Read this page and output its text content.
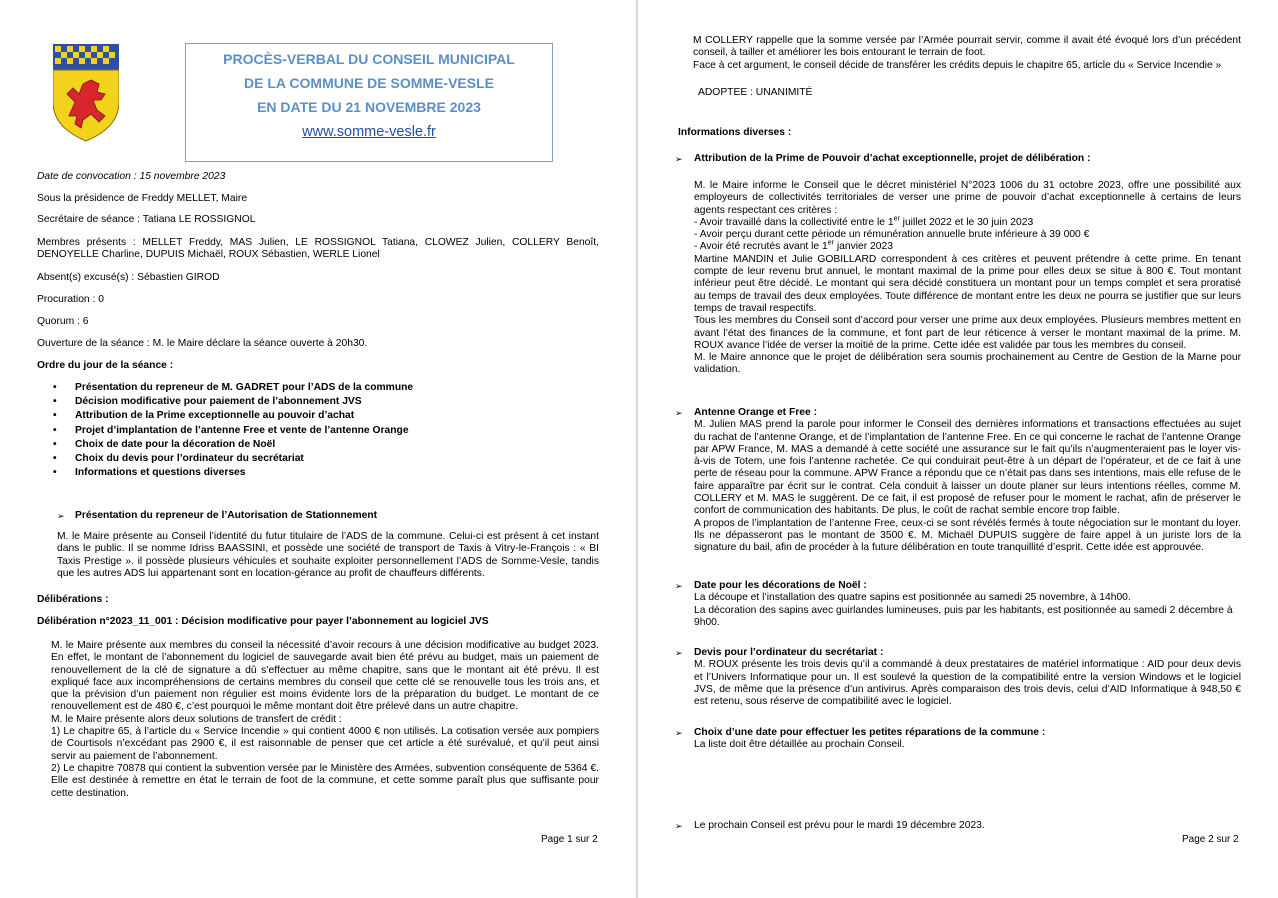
PROCÈS-VERBAL DU CONSEIL MUNICIPAL

DE LA COMMUNE DE SOMME-VESLE

EN DATE DU 21 NOVEMBRE 2023

www.somme-vesle.fr

Date de convocation : 15 novembre 2023

Sous la présidence de Freddy MELLET, Maire

Secrétaire de séance : Tatiana LE ROSSIGNOL

Membres présents : MELLET Freddy, MAS Julien, LE ROSSIGNOL Tatiana, CLOWEZ Julien, COLLERY Benoît, DENOYELLE Charline, DUPUIS Michaël, ROUX Sébastien, WERLE Lionel

Absent(s) excusé(s) : Sébastien GIROD

Procuration : 0

Quorum : 6

Ouverture de la séance : M. le Maire déclare la séance ouverte à 20h30.

Ordre du jour de la séance :

• Présentation du repreneur de M. GADRET pour l’ADS de la commune
• Décision modificative pour paiement de l’abonnement JVS
• Attribution de la Prime exceptionnelle au pouvoir d’achat
• Projet d’implantation de l’antenne Free et vente de l’antenne Orange
• Choix de date pour la décoration de Noël
• Choix du devis pour l’ordinateur du secrétariat
• Informations et questions diverses
➢ Présentation du repreneur de l’Autorisation de Stationnement

M. le Maire présente au Conseil l’identité du futur titulaire de l’ADS de la commune. Celui-ci est présent à cet instant dans le public. Il se nomme Idriss BAASSINI, et possède une société de transport de Taxis à Vitry-le-François : « BI Taxis Prestige ». il possède plusieurs véhicules et souhaite exploiter personnellement l’ADS de Somme-Vesle, tandis que les autres ADS lui appartenant sont en location-gérance au profit de chauffeurs différents.

Délibérations :

Délibération n°2023_11_001 : Décision modificative pour payer l’abonnement au logiciel JVS

M. le Maire présente aux membres du conseil la nécessité d’avoir recours à une décision modificative au budget 2023. En effet, le montant de l’abonnement du logiciel de sauvegarde avait bien été prévu au budget, mais un paiement de renouvellement de la clé de signature a dû s’effectuer au même chapitre, sans que le montant ait été prévu. Il est expliqué face aux incompréhensions de certains membres du conseil que cette clé se renouvelle tous les trois ans, et que la prévision d’un paiement non régulier est moins évidente lors de la préparation du budget. Le montant de ce renouvellement est de 480 €, c’est pourquoi le même montant doit être prélevé dans un autre chapitre.

M. le Maire présente alors deux solutions de transfert de crédit :

1) Le chapitre 65, à l’article du « Service Incendie » qui contient 4000 € non utilisés. La cotisation versée aux pompiers de Courtisols n’excédant pas 2900 €, il est raisonnable de penser que cet article a été surévalué, et qu’il peut ainsi servir au paiement de l’abonnement.

2) Le chapitre 70878 qui contient la subvention versée par le Ministère des Armées, subvention conséquente de 5364 €. Elle est destinée à remettre en état le terrain de foot de la commune, et cette somme paraît plus que suffisante pour cette destination.

Page 1 sur 2

M COLLERY rappelle que la somme versée par l’Armée pourrait servir, comme il avait été évoqué lors d’un précédent conseil, à tailler et améliorer les bois entourant le terrain de foot.

Face à cet argument, le conseil décide de transférer les crédits depuis le chapitre 65, article du « Service Incendie »

ADOPTEE : UNANIMITÉ

Informations diverses :

➢ Attribution de la Prime de Pouvoir d’achat exceptionnelle, projet de délibération :

M. le Maire informe le Conseil que le décret ministériel N°2023 1006 du 31 octobre 2023, offre une possibilité aux employeurs de collectivités territoriales de verser une prime de pouvoir d’achat exceptionnelle à certains de leurs agents respectant ces critères :

- Avoir travaillé dans la collectivité entre le 1er juillet 2022 et le 30 juin 2023

- Avoir perçu durant cette période un rémunération annuelle brute inférieure à 39 000 €

- Avoir été recrutés avant le 1er janvier 2023

Martine MANDIN et Julie GOBILLARD correspondent à ces critères et peuvent prétendre à cette prime. En tenant compte de leur revenu brut annuel, le montant maximal de la prime pour elles deux se situe à 800 €. Tout montant inférieur peut être décidé. Le montant qui sera décidé constituera un montant pour un temps complet et sera proratisé au temps de travail des deux employées. Toute différence de montant entre les deux ne pourra se justifier que sur leurs temps de travail respectifs.

Tous les membres du Conseil sont d’accord pour verser une prime aux deux employées. Plusieurs membres mettent en avant l’état des finances de la commune, et font part de leur réticence à verser le montant maximal de la prime. M. ROUX avance l’idée de verser la moitié de la prime. Cette idée est validée par tous les membres du conseil.

M. le Maire annonce que le projet de délibération sera soumis prochainement au Centre de Gestion de la Marne pour validation.

➢ Antenne Orange et Free :

M. Julien MAS prend la parole pour informer le Conseil des dernières informations et transactions effectuées au sujet du rachat de l’antenne Orange, et de l’implantation de l’antenne Free. En ce qui concerne le rachat de l’antenne Orange par APW France, M. MAS a demandé à cette société une assurance sur le fait qu’ils n’augmenteraient pas le loyer vis-à-vis de Totem, une fois l’antenne rachetée. Ce qui conduirait peut-être à un départ de l’opérateur, et de ce fait à une perte de réseau pour la commune. APW France a répondu que ce n’était pas dans ses intentions, mais elle refuse de le faire apparaître par écrit sur le contrat. Cela conduit à laisser un doute planer sur leurs intentions réelles, comme M. COLLERY et M. MAS le suggèrent. De ce fait, il est proposé de refuser pour le moment le rachat, afin de préserver le confort de communication des habitants. De plus, le coût de rachat semble encore trop faible.

A propos de l’implantation de l’antenne Free, ceux-ci se sont révélés fermés à toute négociation sur le montant du loyer. Ils ne dépasseront pas le montant de 3500 €. M. Michaël DUPUIS suggère de faire appel à un juriste lors de la signature du bail, afin de procéder à la future délibération en toute tranquillité d’esprit. Cette idée est approuvée.

➢ Date pour les décorations de Noël :

La découpe et l’installation des quatre sapins est positionnée au samedi 25 novembre, à 14h00.

La décoration des sapins avec guirlandes lumineuses, puis par les habitants, est positionnée au samedi 2 décembre à 9h00.

➢ Devis pour l’ordinateur du secrétariat :

M. ROUX présente les trois devis qu’il a commandé à deux prestataires de matériel informatique : AID pour deux devis et l’Univers Informatique pour un. Il est soulevé la question de la compatibilité entre la version Windows et le logiciel JVS, de même que la présence d’un antivirus. Après comparaison des trois devis, celui d’AID Informatique à 948,50 € est retenu, sous réserve de compatibilité avec le logiciel.

➢ Choix d’une date pour effectuer les petites réparations de la commune :

La liste doit être détaillée au prochain Conseil.

➢ Le prochain Conseil est prévu pour le mardi 19 décembre 2023.

Page 2 sur 2
